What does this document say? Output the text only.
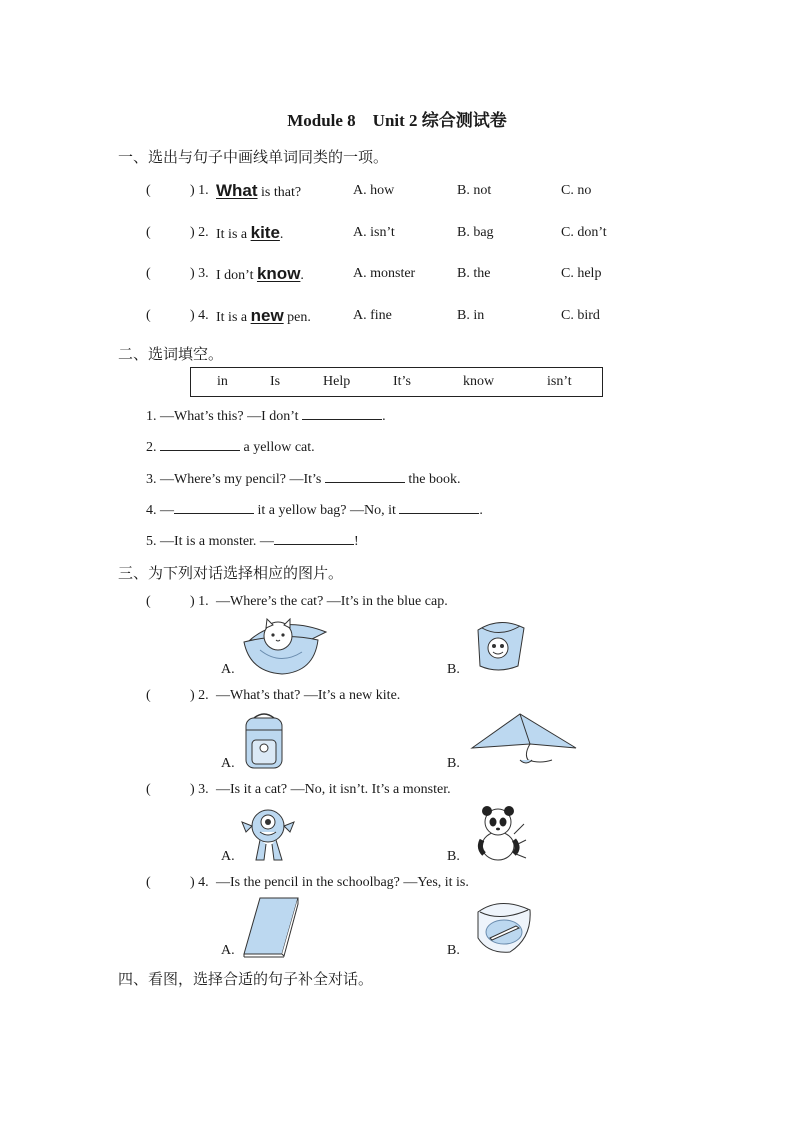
Module 8　Unit 2 综合测试卷
一、选出与句子中画线单词同类的一项。
(	) 1. What is that?	A. how	B. not	C. no
(	) 2. It is a kite.	A. isn’t	B. bag	C. don’t
(	) 3. I don’t know.	A. monster	B. the	C. help
(	) 4. It is a new pen.	A. fine	B. in	C. bird
二、选词填空。
in	Is	Help	It’s	know	isn’t
1. —What’s this? —I don’t	.
2.	a yellow cat.
3. —Where’s my pencil? —It’s	the book.
4. —	it a yellow bag? —No, it	.
5. —It is a monster. —	!
三、为下列对话选择相应的图片。
(	) 1. —Where’s the cat? —It’s in the blue cap.
A.	B.
(	) 2. —What’s that? —It’s a new kite.
A.	B.
(	) 3. —Is it a cat? —No, it isn’t. It’s a monster.
A.	B.
(	) 4. —Is the pencil in the schoolbag? —Yes, it is.
A.	B.
四、看图，选择合适的句子补全对话。
